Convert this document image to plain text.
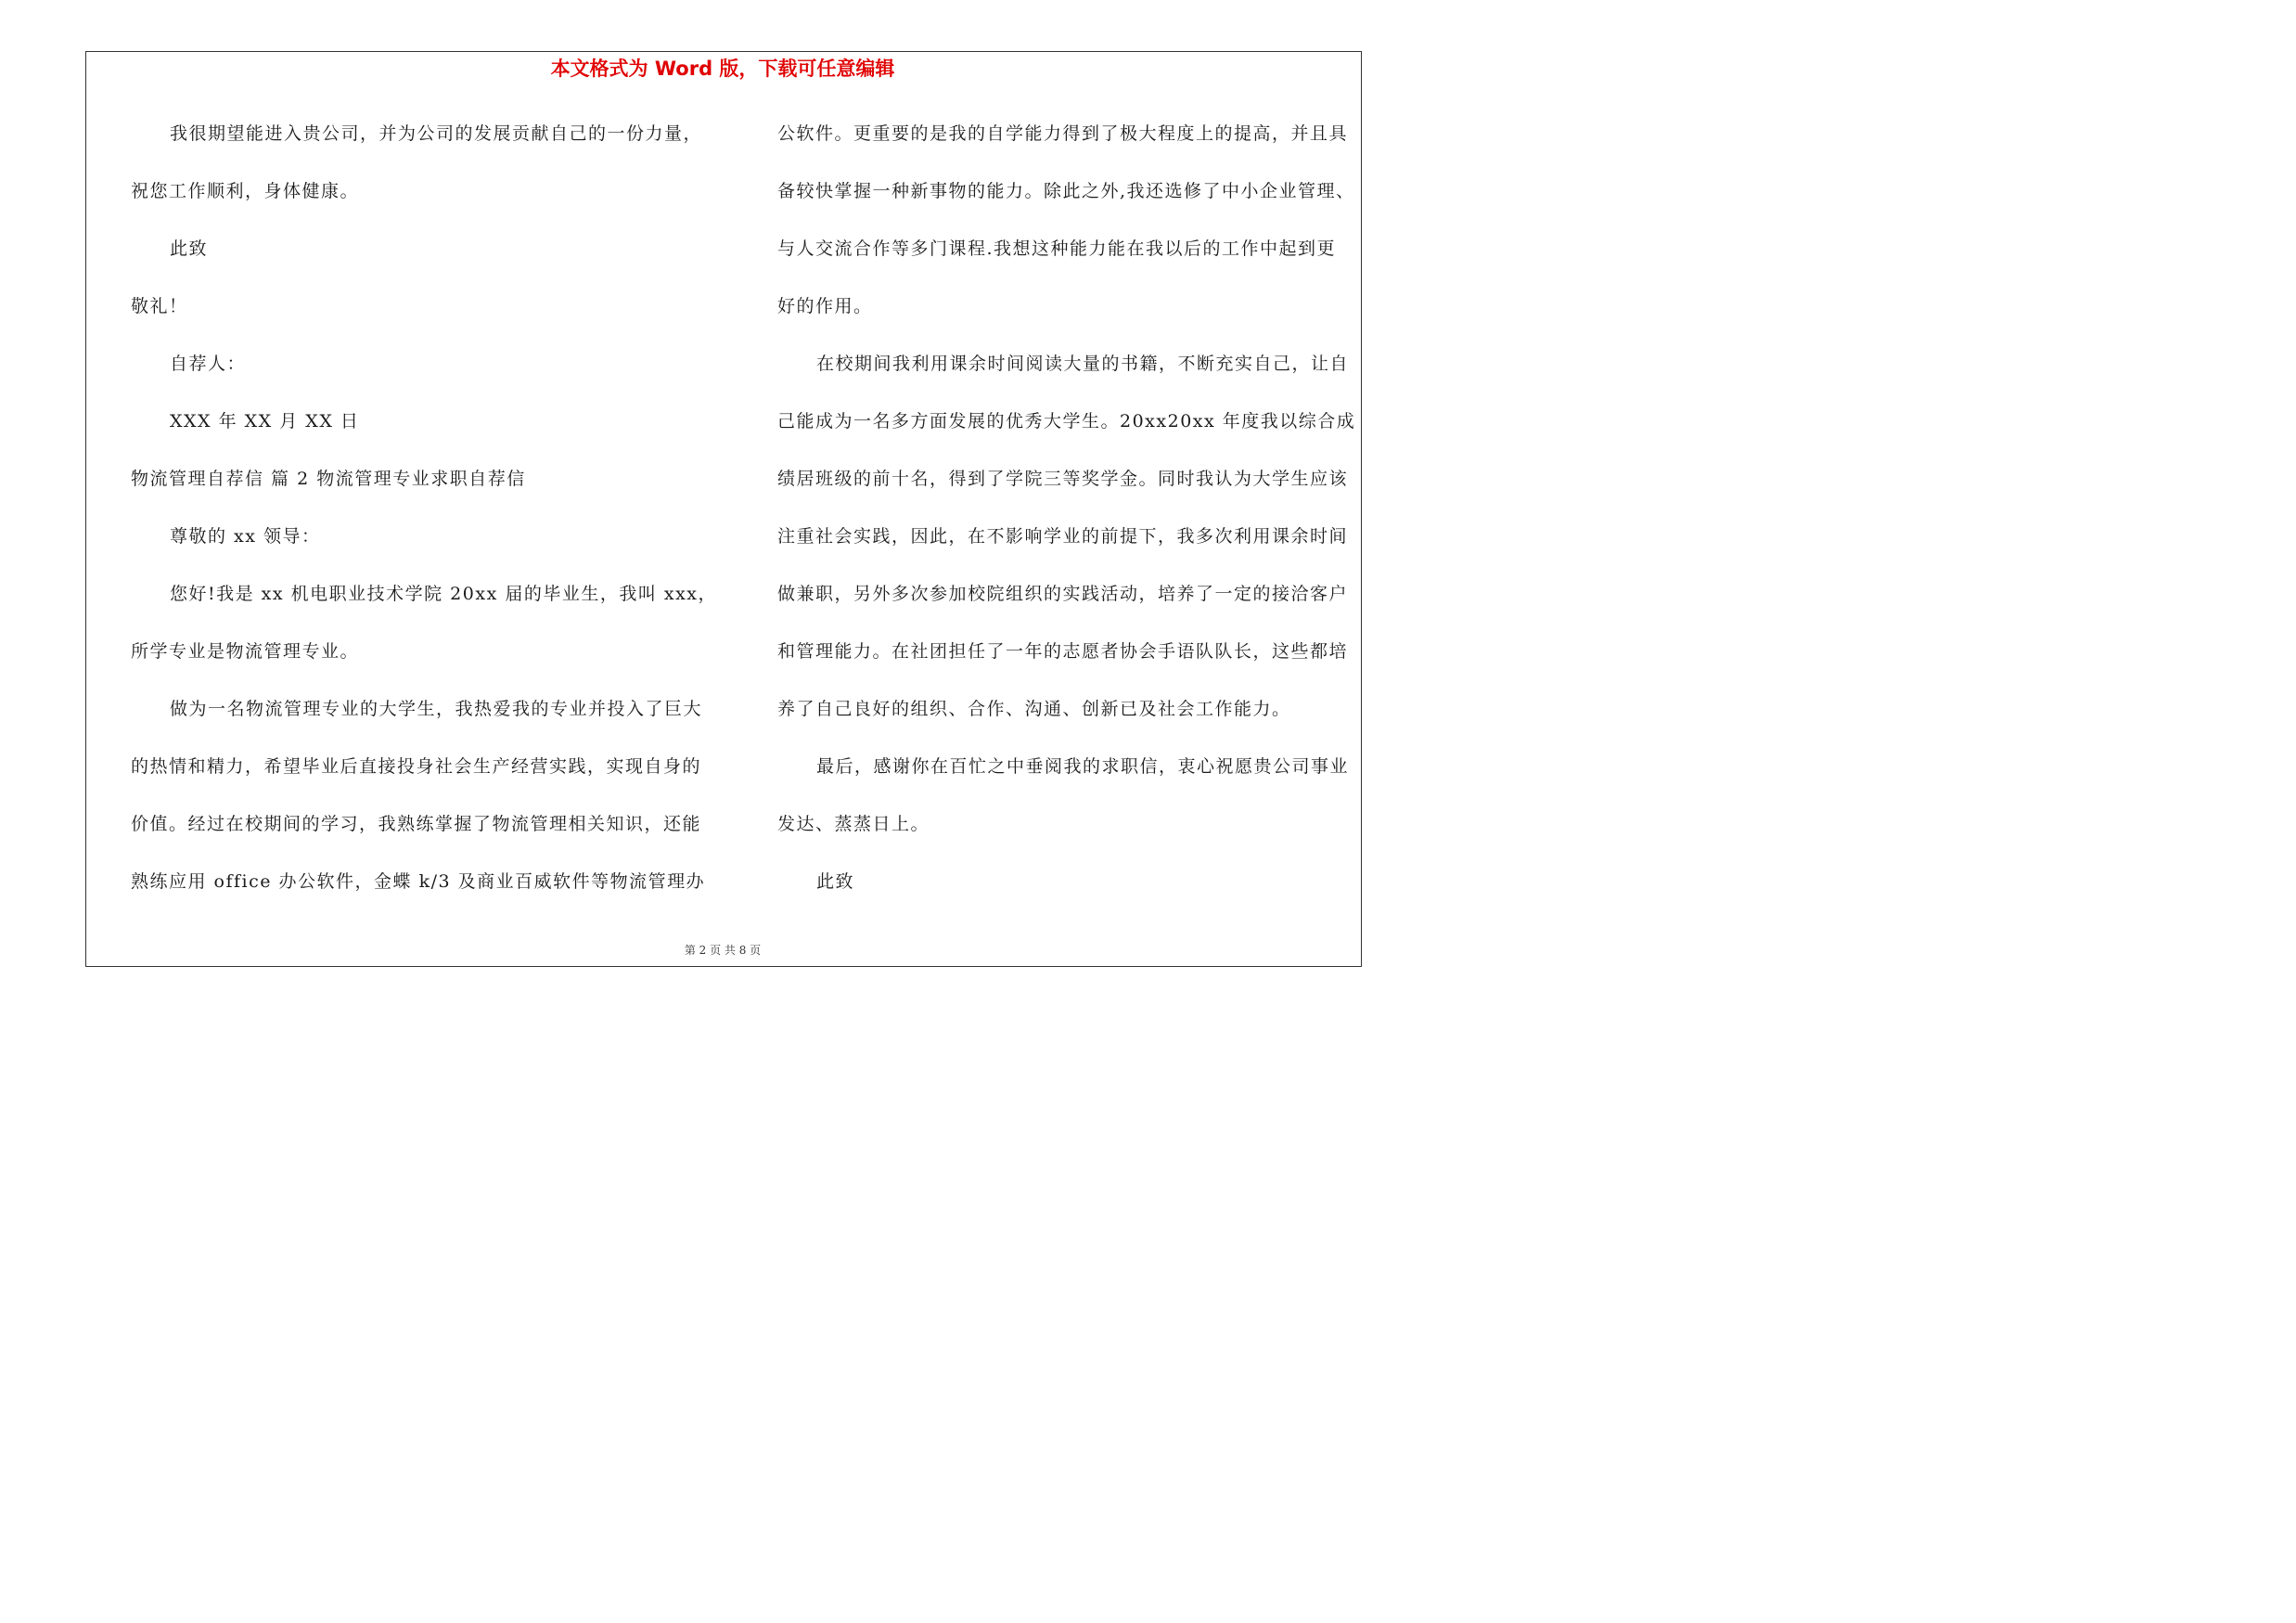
本文格式为 Word 版，下载可任意编辑

我很期望能进入贵公司，并为公司的发展贡献自己的一份力量，

祝您工作顺利，身体健康。

此致

敬礼！

自荐人：

XXX 年 XX 月 XX 日

物流管理自荐信 篇 2 物流管理专业求职自荐信

尊敬的 xx 领导：

您好!我是 xx 机电职业技术学院 20xx 届的毕业生，我叫 xxx，

所学专业是物流管理专业。

做为一名物流管理专业的大学生，我热爱我的专业并投入了巨大

的热情和精力，希望毕业后直接投身社会生产经营实践，实现自身的

价值。经过在校期间的学习，我熟练掌握了物流管理相关知识，还能

熟练应用 office 办公软件，金蝶 k/3 及商业百威软件等物流管理办

公软件。更重要的是我的自学能力得到了极大程度上的提高，并且具

备较快掌握一种新事物的能力。除此之外,我还选修了中小企业管理、

与人交流合作等多门课程.我想这种能力能在我以后的工作中起到更

好的作用。

在校期间我利用课余时间阅读大量的书籍，不断充实自己，让自

己能成为一名多方面发展的优秀大学生。20xx20xx 年度我以综合成

绩居班级的前十名，得到了学院三等奖学金。同时我认为大学生应该

注重社会实践，因此，在不影响学业的前提下，我多次利用课余时间

做兼职，另外多次参加校院组织的实践活动，培养了一定的接洽客户

和管理能力。在社团担任了一年的志愿者协会手语队队长，这些都培

养了自己良好的组织、合作、沟通、创新已及社会工作能力。

最后，感谢你在百忙之中垂阅我的求职信，衷心祝愿贵公司事业

发达、蒸蒸日上。

此致

第 2 页 共 8 页
